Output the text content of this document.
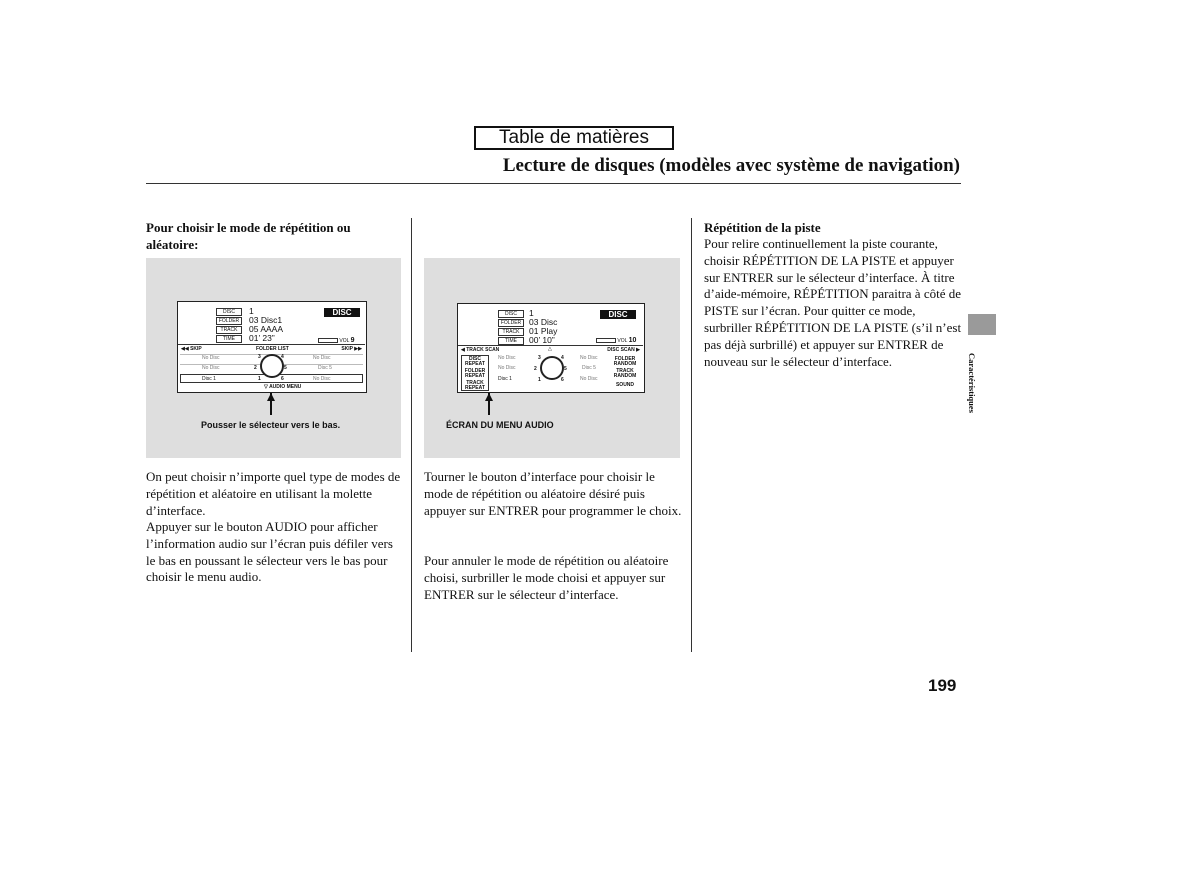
Table de matières
Lecture de disques (modèles avec système de navigation)
Pour choisir le mode de répétition ou aléatoire:
DISC
FOLDER
TRACK
TIME
1
03 Disc1
05 AAAA
01’ 23”
DISC
VOL 9
◀◀ SKIP	FOLDER LIST	SKIP ▶▶
No Disc	No Disc
No Disc	Disc 5
Disc 1	No Disc
3	4
2	5
1	6
▽ AUDIO MENU
Pousser le sélecteur vers le bas.
On peut choisir n’importe quel type de modes de répétition et aléatoire en utilisant la molette d’interface.
Appuyer sur le bouton AUDIO pour afficher l’information audio sur l’écran puis défiler vers le bas en poussant le sélecteur vers le bas pour choisir le menu audio.
DISC
FOLDER
TRACK
TIME
1
03 Disc
01 Play
00’ 10”
DISC
VOL 10
◀ TRACK SCAN	△	DISC SCAN ▶
DISC REPEAT
FOLDER REPEAT
TRACK REPEAT
FOLDER RANDOM
TRACK RANDOM
SOUND
No Disc	No Disc
No Disc	Disc 5
Disc 1	No Disc
3	4
2	5
1	6
ÉCRAN DU MENU AUDIO
Tourner le bouton d’interface pour choisir le mode de répétition ou aléatoire désiré puis appuyer sur ENTRER pour programmer le choix.
Pour annuler le mode de répétition ou aléatoire choisi, surbriller le mode choisi et appuyer sur ENTRER sur le sélecteur d’interface.
Répétition de la piste
Pour relire continuellement la piste courante, choisir RÉPÉTITION DE LA PISTE et appuyer sur ENTRER sur le sélecteur d’interface. À titre d’aide-mémoire, RÉPÉTITION paraitra à côté de PISTE sur l’écran. Pour quitter ce mode, surbriller RÉPÉTITION DE LA PISTE (s’il n’est pas déjà surbrillé) et appuyer sur ENTRER de nouveau sur le sélecteur d’interface.	Caractéristiques
199
